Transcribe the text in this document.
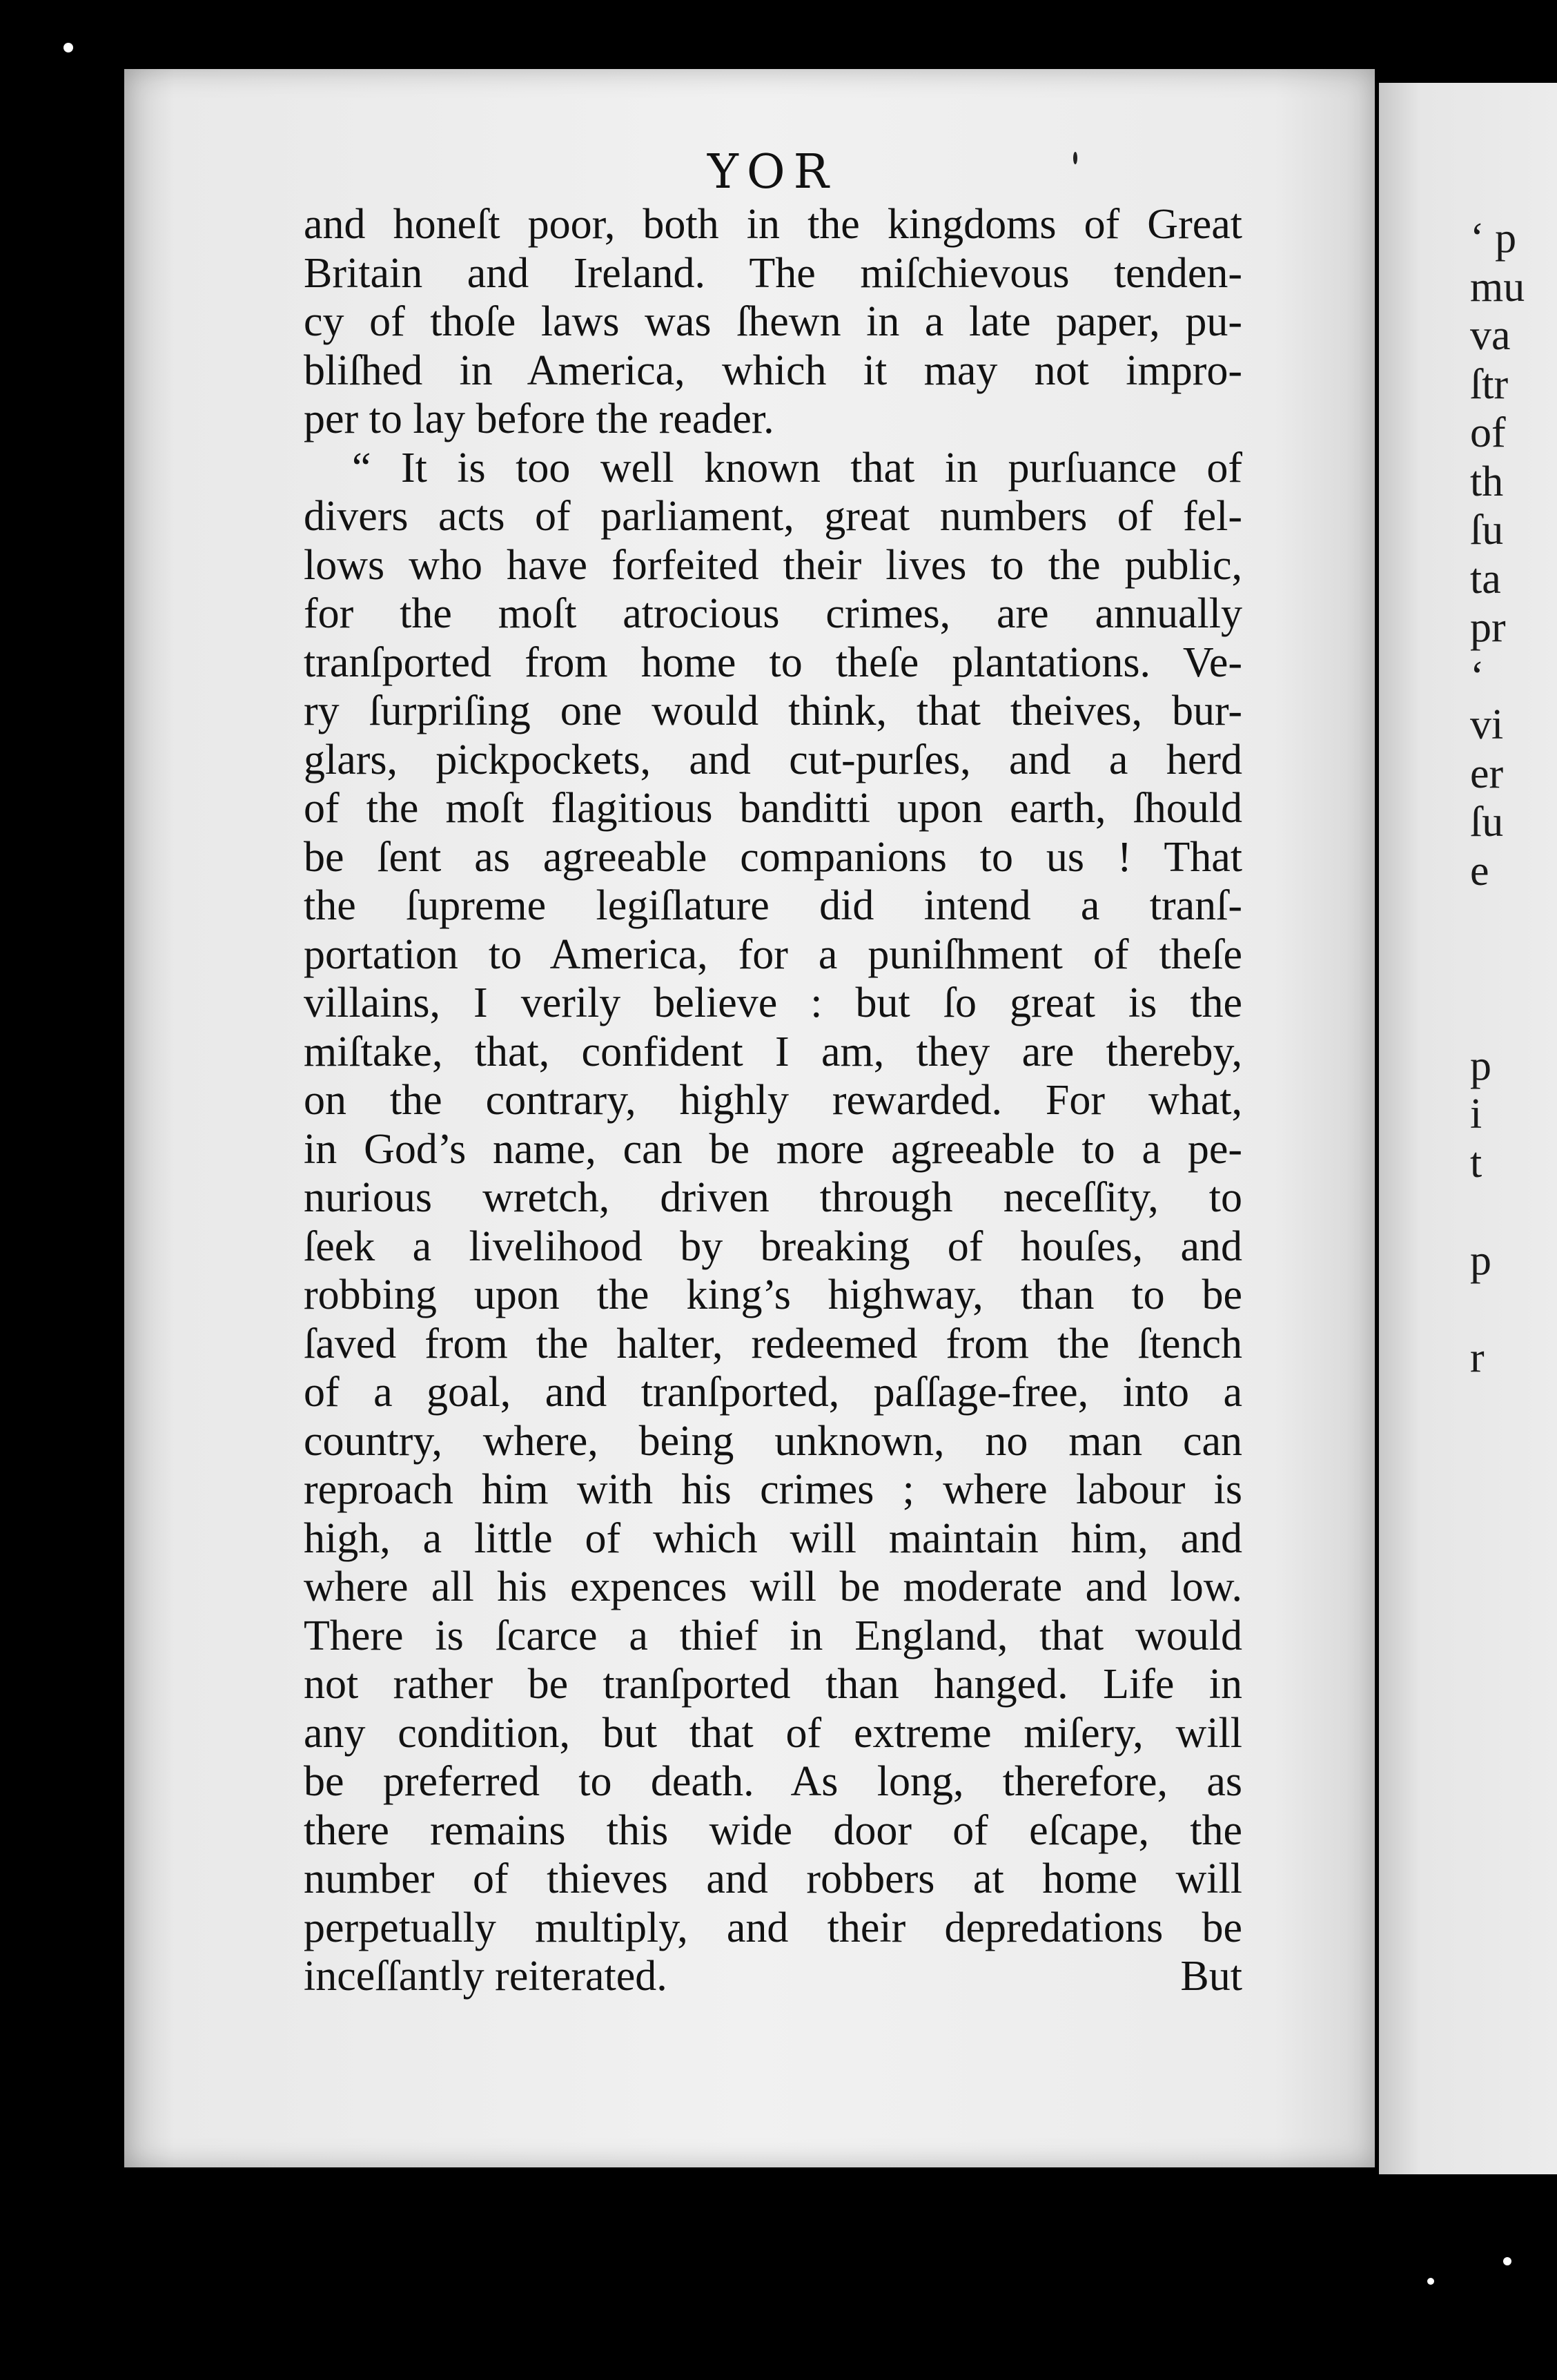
YOR
and honeſt poor, both in the kingdoms of Great
Britain and Ireland. The miſchievous tenden-
cy of thoſe laws was ſhewn in a late paper, pu-
bliſhed in America, which it may not impro-
per to lay before the reader.
“ It is too well known that in purſuance of
divers acts of parliament, great numbers of fel-
lows who have forfeited their lives to the public,
for the moſt atrocious crimes, are annually
tranſported from home to theſe plantations. Ve-
ry ſurpriſing one would think, that theives, bur-
glars, pickpockets, and cut-purſes, and a herd
of the moſt flagitious banditti upon earth, ſhould
be ſent as agreeable companions to us ! That
the ſupreme legiſlature did intend a tranſ-
portation to America, for a puniſhment of theſe
villains, I verily believe : but ſo great is the
miſtake, that, confident I am, they are thereby,
on the contrary, highly rewarded. For what,
in God’s name, can be more agreeable to a pe-
nurious wretch, driven through neceſſity, to
ſeek a livelihood by breaking of houſes, and
robbing upon the king’s highway, than to be
ſaved from the halter, redeemed from the ſtench
of a goal, and tranſported, paſſage-free, into a
country, where, being unknown, no man can
reproach him with his crimes ; where labour is
high, a little of which will maintain him, and
where all his expences will be moderate and low.
There is ſcarce a thief in England, that would
not rather be tranſported than hanged. Life in
any condition, but that of extreme miſery, will
be preferred to death. As long, therefore, as
there remains this wide door of eſcape, the
number of thieves and robbers at home will
perpetually multiply, and their depredations be
inceſſantly reiterated.	But
‘ p
mu
va
ſtr
of
th
ſu
ta
pr
‘
vi
er
ſu
e
p
i
t
p
r
